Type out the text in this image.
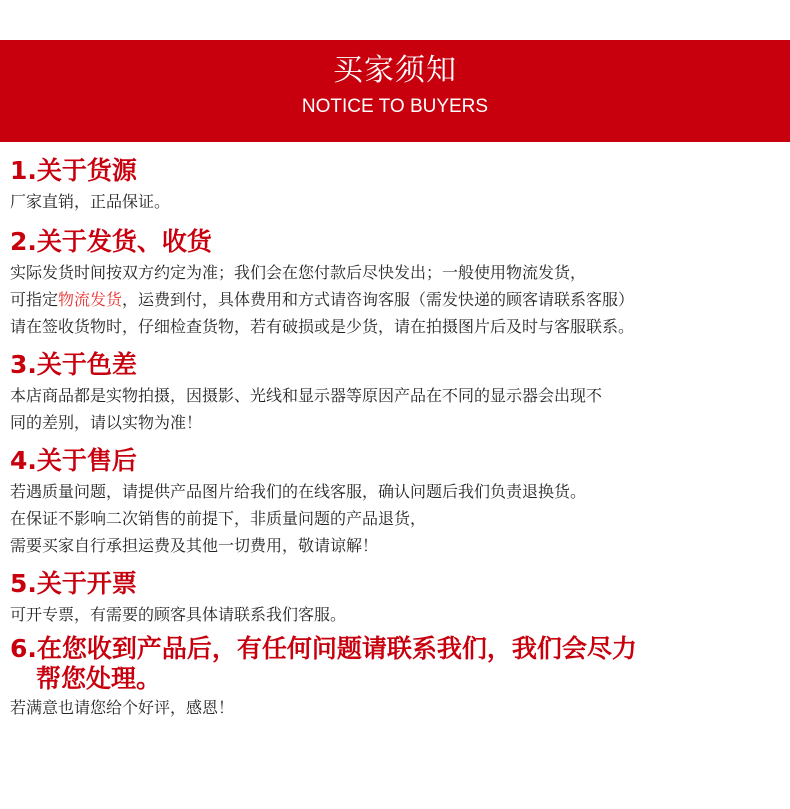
买家须知
NOTICE TO BUYERS
1.关于货源
厂家直销，正品保证。
2.关于发货、收货
实际发货时间按双方约定为准；我们会在您付款后尽快发出；一般使用物流发货，
可指定物流发货，运费到付，具体费用和方式请咨询客服（需发快递的顾客请联系客服）
请在签收货物时，仔细检查货物，若有破损或是少货，请在拍摄图片后及时与客服联系。
3.关于色差
本店商品都是实物拍摄，因摄影、光线和显示器等原因产品在不同的显示器会出现不
同的差别，请以实物为准！
4.关于售后
若遇质量问题，请提供产品图片给我们的在线客服，确认问题后我们负责退换货。
在保证不影响二次销售的前提下，非质量问题的产品退货，
需要买家自行承担运费及其他一切费用，敬请谅解！
5.关于开票
可开专票，有需要的顾客具体请联系我们客服。
6.在您收到产品后，有任何问题请联系我们，我们会尽力
帮您处理。
若满意也请您给个好评，感恩！
